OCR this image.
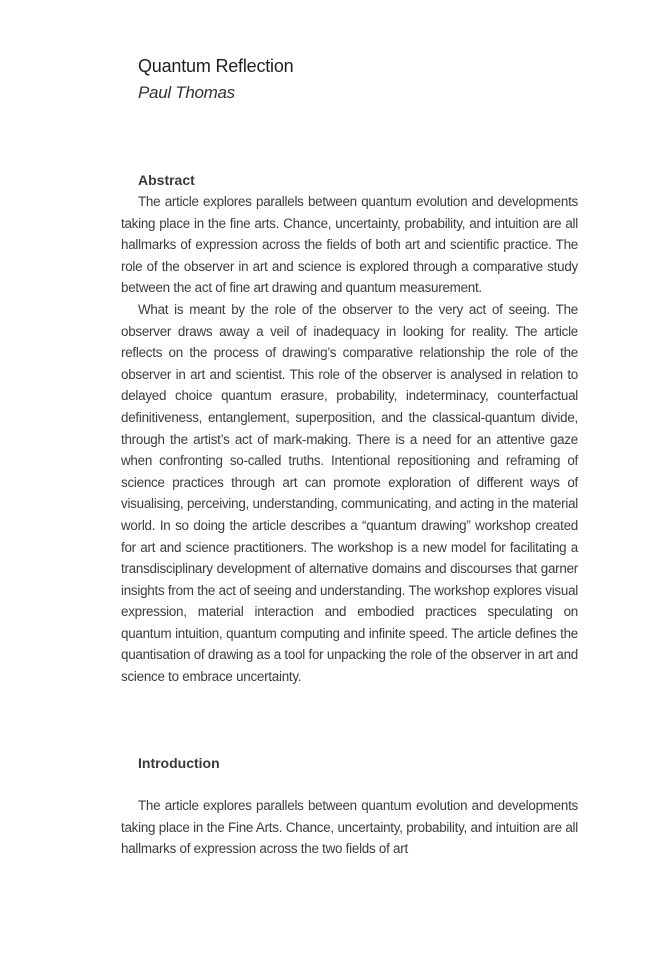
Quantum Reflection
Paul Thomas
Abstract

The article explores parallels between quantum evolution and developments taking place in the fine arts. Chance, uncertainty, probability, and intuition are all hallmarks of expression across the fields of both art and scientific practice. The role of the observer in art and science is explored through a comparative study between the act of fine art drawing and quantum measurement.

What is meant by the role of the observer to the very act of seeing. The observer draws away a veil of inadequacy in looking for reality. The article reflects on the process of drawing’s comparative relationship the role of the observer in art and scientist. This role of the observer is analysed in relation to delayed choice quantum erasure, probability, indeterminacy, counterfactual definitiveness, entanglement, superposition, and the classical-quantum divide, through the artist’s act of mark-making. There is a need for an attentive gaze when confronting so-called truths. Intentional repositioning and reframing of science practices through art can promote exploration of different ways of visualising, perceiving, understanding, communicating, and acting in the material world. In so doing the article describes a “quantum drawing” workshop created for art and science practitioners. The workshop is a new model for facilitating a transdisciplinary development of alternative domains and discourses that garner insights from the act of seeing and understanding. The workshop explores visual expression, material interaction and embodied practices speculating on quantum intuition, quantum computing and infinite speed. The article defines the quantisation of drawing as a tool for unpacking the role of the observer in art and science to embrace uncertainty.

Introduction

The article explores parallels between quantum evolution and developments taking place in the Fine Arts. Chance, uncertainty, probability, and intuition are all hallmarks of expression across the two fields of art
